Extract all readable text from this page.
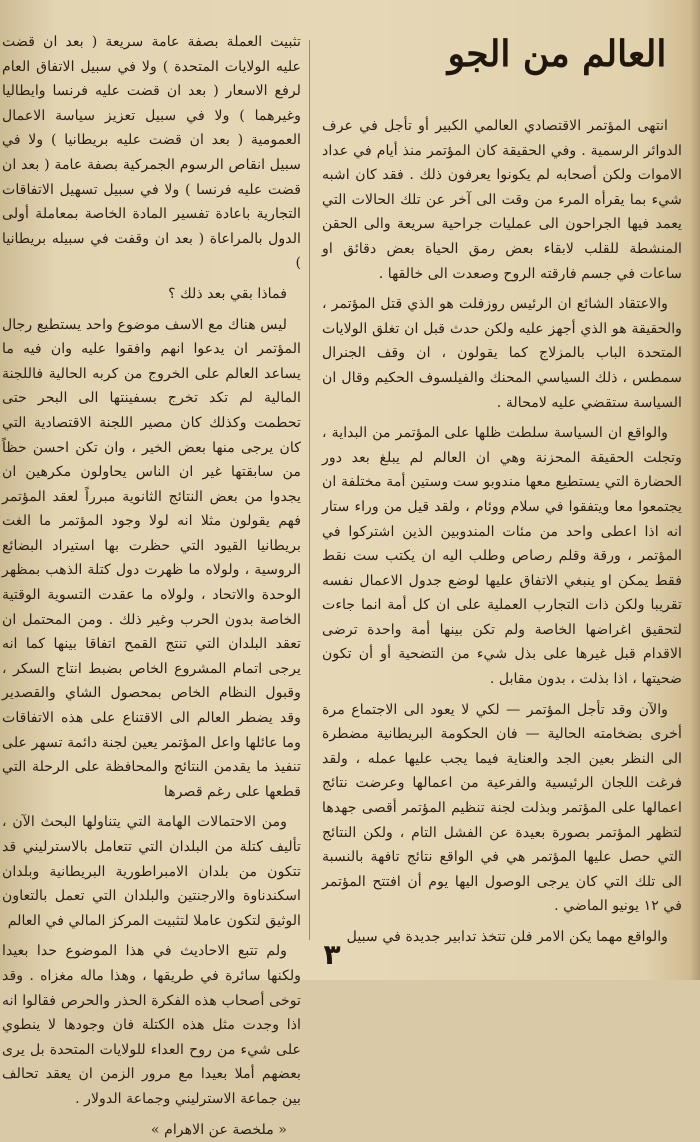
العالم من الجو

انتهى المؤتمر الاقتصادي العالمي الكبير أو تأجل في عرف الدوائر الرسمية . وفي الحقيقة كان المؤتمر منذ أيام في عداد الاموات ولكن أصحابه لم يكونوا يعرفون ذلك . فقد كان اشبه شيء بما يقرأه المرء من وقت الى آخر عن تلك الحالات التي يعمد فيها الجراحون الى عمليات جراحية سريعة والى الحقن المنشطة للقلب لابقاء بعض رمق الحياة بعض دقائق او ساعات في جسم فارقته الروح وصعدت الى خالقها .

والاعتقاد الشائع ان الرئيس روزفلت هو الذي قتل المؤتمر ، والحقيقة هو الذي أجهز عليه ولكن حدث قبل ان تغلق الولايات المتحدة الباب بالمزلاج كما يقولون ، ان وقف الجنرال سمطس ، ذلك السياسي المحنك والفيلسوف الحكيم وقال ان السياسة ستقضي عليه لامحالة .

والواقع ان السياسة سلطت ظلها على المؤتمر من البداية ، وتجلت الحقيقة المحزنة وهي ان العالم لم يبلغ بعد دور الحضارة التي يستطيع معها مندوبو ست وستين أمة مختلفة ان يجتمعوا معا ويتفقوا في سلام ووئام ، ولقد قيل من وراء ستار انه اذا اعطى واحد من مئات المندوبين الذين اشتركوا في المؤتمر ، ورقة وقلم رصاص وطلب اليه ان يكتب ست نقط فقط يمكن او ينبغي الاتفاق عليها لوضع جدول الاعمال نفسه تقريبا ولكن ذات التجارب العملية على ان كل أمة انما جاءت لتحقيق اغراضها الخاصة ولم تكن بينها أمة واحدة ترضى الاقدام قبل غيرها على بذل شيء من التضحية أو أن تكون ضحيتها ، اذا بذلت ، بدون مقابل .

والآن وقد تأجل المؤتمر — لكي لا يعود الى الاجتماع مرة أخرى بضخامته الحالية — فان الحكومة البريطانية مضطرة الى النظر بعين الجد والعناية فيما يجب عليها عمله ، ولقد فرغت اللجان الرئيسية والفرعية من اعمالها وعرضت نتائج اعمالها على المؤتمر وبذلت لجنة تنظيم المؤتمر أقصى جهدها لتظهر المؤتمر بصورة بعيدة عن الفشل التام ، ولكن النتائج التي حصل عليها المؤتمر هي في الواقع نتائج تافهة بالنسبة الى تلك التي كان يرجى الوصول اليها يوم أن افتتح المؤتمر في ١٢ يونيو الماضي .

والواقع مهما يكن الامر فلن تتخذ تدابير جديدة في سبيل

تثبيت العملة بصفة عامة سريعة ( بعد ان قضت عليه الولايات المتحدة ) ولا في سبيل الاتفاق العام لرفع الاسعار ( بعد ان قضت عليه فرنسا وايطاليا وغيرهما ) ولا في سبيل تعزيز سياسة الاعمال العمومية ( بعد ان قضت عليه بريطانيا ) ولا في سبيل انقاص الرسوم الجمركية بصفة عامة ( بعد ان قضت عليه فرنسا ) ولا في سبيل تسهيل الاتفاقات التجارية باعادة تفسير المادة الخاصة بمعاملة أولى الدول بالمراعاة ( بعد ان وقفت في سبيله بريطانيا )

فماذا بقي بعد ذلك ؟

ليس هناك مع الاسف موضوع واحد يستطيع رجال المؤتمر ان يدعوا انهم وافقوا عليه وان فيه ما يساعد العالم على الخروج من كربه الحالية فاللجنة المالية لم تكد تخرج بسفينتها الى البحر حتى تحطمت وكذلك كان مصير اللجنة الاقتصادية التي كان يرجى منها بعض الخير ، وان تكن احسن حظاً من سابقتها غير ان الناس يحاولون مكرهين ان يجدوا من بعض النتائج الثانوية مبرراً لعقد المؤتمر فهم يقولون مثلا انه لولا وجود المؤتمر ما الغت بريطانيا القيود التي حظرت بها استيراد البضائع الروسية ، ولولاه ما ظهرت دول كتلة الذهب بمظهر الوحدة والاتحاد ، ولولاه ما عقدت التسوية الوقتية الخاصة بدون الحرب وغير ذلك . ومن المحتمل ان تعقد البلدان التي تنتج القمح اتفاقا بينها كما انه يرجى اتمام المشروع الخاص بضبط انتاج السكر ، وقبول النظام الخاص بمحصول الشاي والقصدير وقد يضطر العالم الى الاقتناع على هذه الاتفاقات وما عائلها واعل المؤتمر يعين لجنة دائمة تسهر على تنفيذ ما يقدمن النتائج والمحافظة على الرحلة التي قطعها على رغم قصرها

ومن الاحتمالات الهامة التي يتناولها البحث الآن ، تأليف كتلة من البلدان التي تتعامل بالاسترليني قد تتكون من بلدان الامبراطورية البريطانية وبلدان اسكندناوة والارجنتين والبلدان التي تعمل بالتعاون الوثيق لتكون عاملا لتثبيت المركز المالي في العالم

ولم تتبع الاحاديث في هذا الموضوع حدا بعيدا ولكنها سائرة في طريقها ، وهذا ماله مغزاه . وقد توخى أصحاب هذه الفكرة الحذر والحرص فقالوا انه اذا وجدت مثل هذه الكتلة فان وجودها لا ينطوي على شيء من روح العداء للولايات المتحدة بل يرى بعضهم أملا بعيدا مع مرور الزمن ان يعقد تحالف بين جماعة الاسترليني وجماعة الدولار .

« ملخصة عن الاهرام »

٣
